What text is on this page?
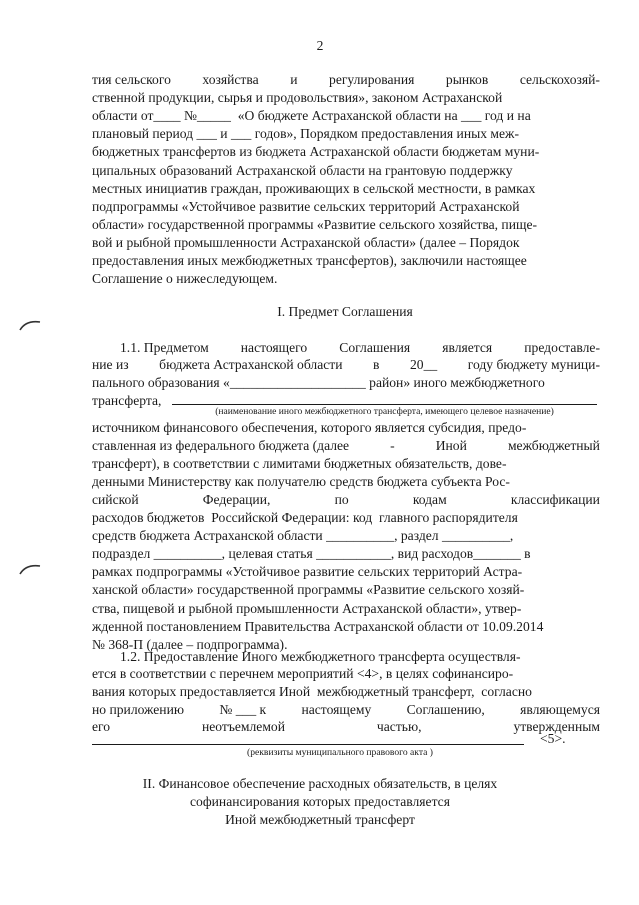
2
тия сельского хозяйства и регулирования рынков сельскохозяй-
ственной продукции, сырья и продовольствия», законом Астраханской
области от____ №_____  «О бюджете Астраханской области на ___ год и на
плановый период ___ и ___ годов», Порядком предоставления иных меж-
бюджетных трансфертов из бюджета Астраханской области бюджетам муни-
ципальных образований Астраханской области на грантовую поддержку
местных инициатив граждан, проживающих в сельской местности, в рамках
подпрограммы «Устойчивое развитие сельских территорий Астраханской
области» государственной программы «Развитие сельского хозяйства, пище-
вой и рыбной промышленности Астраханской области» (далее – Порядок
предоставления иных межбюджетных трансфертов), заключили настоящее
Соглашение о нижеследующем.
I. Предмет Соглашения
1.1. Предметом настоящего Соглашения является предоставле-
ние из бюджета Астраханской области в 20__ году бюджету муници-
пального образования «____________________ район» иного межбюджетного
трансферта,
(наименование иного межбюджетного трансферта, имеющего целевое назначение)
источником финансового обеспечения, которого является субсидия, предо-
ставленная из федерального бюджета (далее	-	Иной	межбюджетный
трансферт), в соответствии с лимитами бюджетных обязательств, дове-
денными Министерству как получателю средств бюджета субъекта Рос-
сийской	Федерации,	по	кодам	классификации
расходов бюджетов  Российской Федерации: код  главного распорядителя
средств бюджета Астраханской области __________, раздел __________,
подраздел __________, целевая статья ___________, вид расходов_______ в
рамках подпрограммы «Устойчивое развитие сельских территорий Астра-
ханской области» государственной программы «Развитие сельского хозяй-
ства, пищевой и рыбной промышленности Астраханской области», утвер-
жденной постановлением Правительства Астраханской области от 10.09.2014
№ 368-П (далее – подпрограмма).
1.2. Предоставление Иного межбюджетного трансферта осуществля-
ется в соответствии с перечнем мероприятий <4>, в целях софинансиро-
вания которых предоставляется Иной  межбюджетный трансферт,  согласно
но приложению	№ ___ к	настоящему	Соглашению,	являющемуся
его	неотъемлемой	частью,	утвержденным
<5>.
(реквизиты муниципального правового акта )
II. Финансовое обеспечение расходных обязательств, в целях
софинансирования которых предоставляется
Иной межбюджетный трансферт
